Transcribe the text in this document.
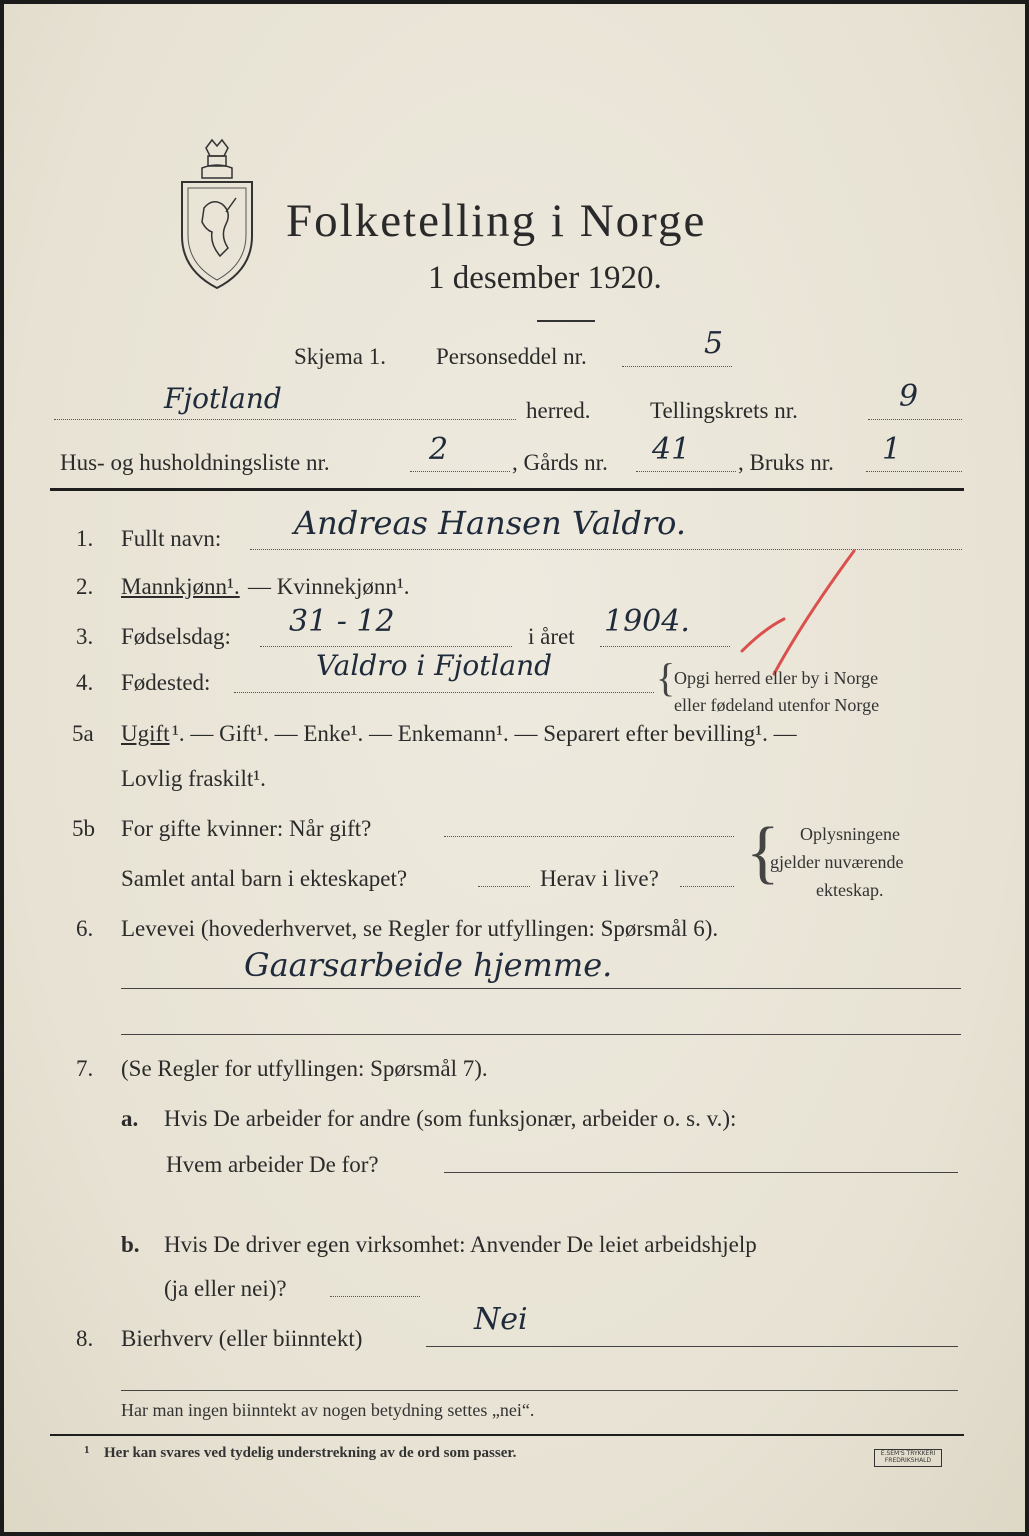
Folketelling i Norge
1 desember 1920.
Skjema 1. Personseddel nr.	5
Fjotland	herred.	Tellingskrets nr.	9
Hus- og husholdningsliste nr.	2	, Gårds nr. 41 , Bruks nr. 1
1. Fullt navn: Andreas Hansen Valdro.
2. Mannkjønn¹. — Kvinnekjønn¹.
3. Fødselsdag: 31 - 12	i året 1904.
4. Fødested:
Valdro i Fjotland	{
Opgi herred eller by i Norge
eller fødeland utenfor Norge
5a Ugift ¹. — Gift¹. — Enke¹. — Enkemann¹. — Separert efter bevilling¹. —
Lovlig fraskilt¹.
5b For gifte kvinner: Når gift?
Samlet antal barn i ekteskapet?	Herav i live? { Oplysningene
gjelder nuværende
ekteskap.
6. Levevei (hovederhvervet, se Regler for utfyllingen: Spørsmål 6).
Gaarsarbeide hjemme.
7. (Se Regler for utfyllingen: Spørsmål 7).
a. Hvis De arbeider for andre (som funksjonær, arbeider o. s. v.):
Hvem arbeider De for?
b. Hvis De driver egen virksomhet: Anvender De leiet arbeidshjelp
(ja eller nei)?
8. Bierhverv (eller biinntekt)
Nei
Har man ingen biinntekt av nogen betydning settes „nei“.
1 Her kan svares ved tydelig understrekning av de ord som passer.	E.SEM'S TRYKKERI FREDRIKSHALD
